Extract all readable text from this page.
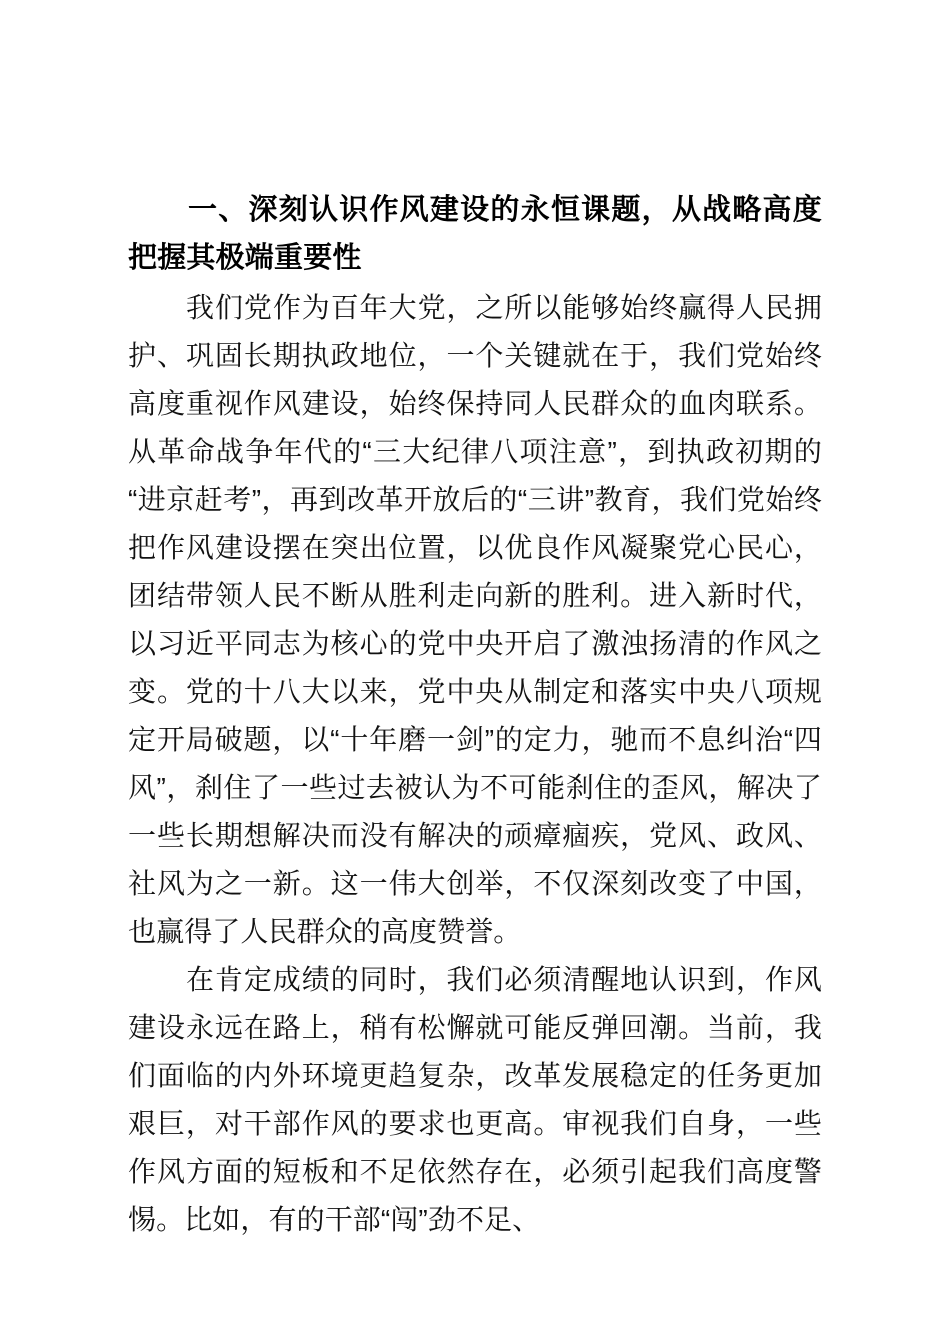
一、深刻认识作风建设的永恒课题，从战略高度把握其极端重要性

我们党作为百年大党，之所以能够始终赢得人民拥护、巩固长期执政地位，一个关键就在于，我们党始终高度重视作风建设，始终保持同人民群众的血肉联系。从革命战争年代的“三大纪律八项注意”，到执政初期的“进京赶考”，再到改革开放后的“三讲”教育，我们党始终把作风建设摆在突出位置，以优良作风凝聚党心民心，团结带领人民不断从胜利走向新的胜利。进入新时代，以习近平同志为核心的党中央开启了激浊扬清的作风之变。党的十八大以来，党中央从制定和落实中央八项规定开局破题，以“十年磨一剑”的定力，驰而不息纠治“四风”，刹住了一些过去被认为不可能刹住的歪风，解决了一些长期想解决而没有解决的顽瘴痼疾，党风、政风、社风为之一新。这一伟大创举，不仅深刻改变了中国，也赢得了人民群众的高度赞誉。

在肯定成绩的同时，我们必须清醒地认识到，作风建设永远在路上，稍有松懈就可能反弹回潮。当前，我们面临的内外环境更趋复杂，改革发展稳定的任务更加艰巨，对干部作风的要求也更高。审视我们自身，一些作风方面的短板和不足依然存在，必须引起我们高度警惕。比如，有的干部“闯”劲不足、
